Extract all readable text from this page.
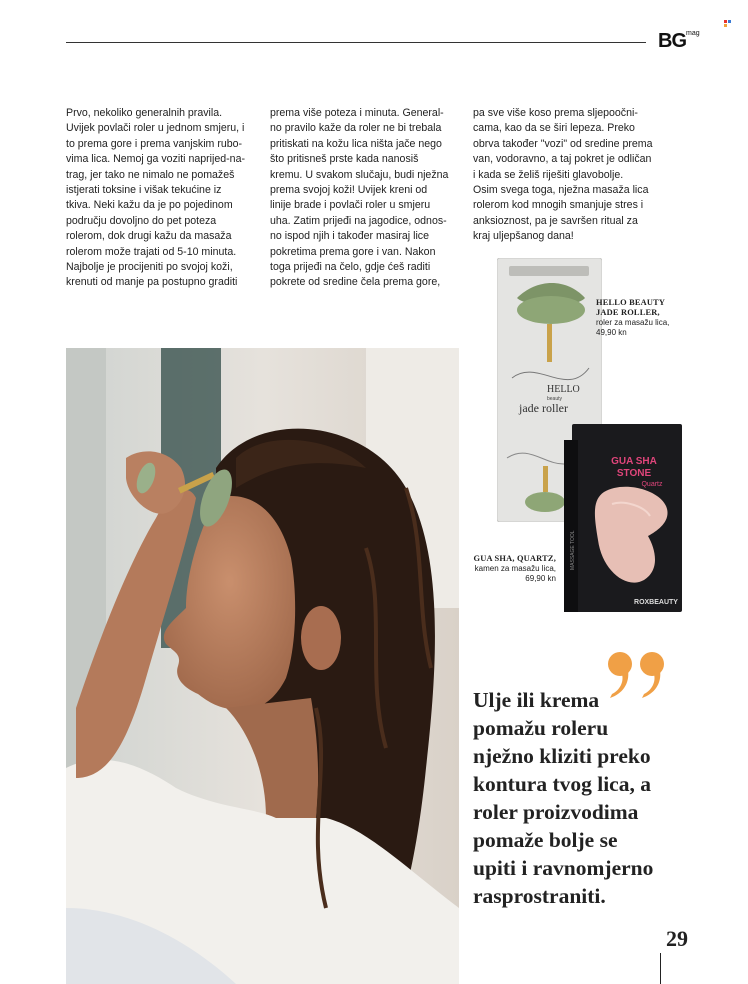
$BG^{mag}$
Prvo, nekoliko generalnih pravila.
Uvijek povlači roler u jednom smjeru, i
to prema gore i prema vanjskim rubo-
vima lica. Nemoj ga voziti naprijed-na-
trag, jer tako ne nimalo ne pomažeš
istjerati toksine i višak tekućine iz
tkiva. Neki kažu da je po pojedinom
području dovoljno do pet poteza
rolerom, dok drugi kažu da masaža
rolerom može trajati od 5-10 minuta.
Najbolje je procijeniti po svojoj koži,
krenuti od manje pa postupno graditi
prema više poteza i minuta. General-
no pravilo kaže da roler ne bi trebala
pritiskati na kožu lica ništa jače nego
što pritisneš prste kada nanosiš
kremu. U svakom slučaju, budi nježna
prema svojoj koži! Uvijek kreni od
linije brade i povlači roler u smjeru
uha. Zatim prijeđi na jagodice, odnos-
no ispod njih i također masiraj lice
pokretima prema gore i van. Nakon
toga prijeđi na čelo, gdje ćeš raditi
pokrete od sredine čela prema gore,
pa sve više koso prema sljepoočni-
cama, kao da se širi lepeza. Preko
obrva također "vozi" od sredine prema
van, vodoravno, a taj pokret je odličan
i kada se želiš riješiti glavobolje.
Osim svega toga, nježna masaža lica
rolerom kod mnogih smanjuje stres i
anksioznost, pa je savršen ritual za
kraj uljepšanog dana!
HELLO
beauty
jade roller
GUA SHA
STONE
Quartz
MASSAGE TOOL
ROXBEAUTY
HELLO BEAUTY
JADE ROLLER,
roler za masažu lica,
49,90 kn
GUA SHA, QUARTZ,
kamen za masažu lica,
69,90 kn
Ulje ili krema
pomažu roleru
nježno kliziti preko
kontura tvog lica, a
roler proizvodima
pomaže bolje se
upiti i ravnomjerno
rasprostraniti.
29
